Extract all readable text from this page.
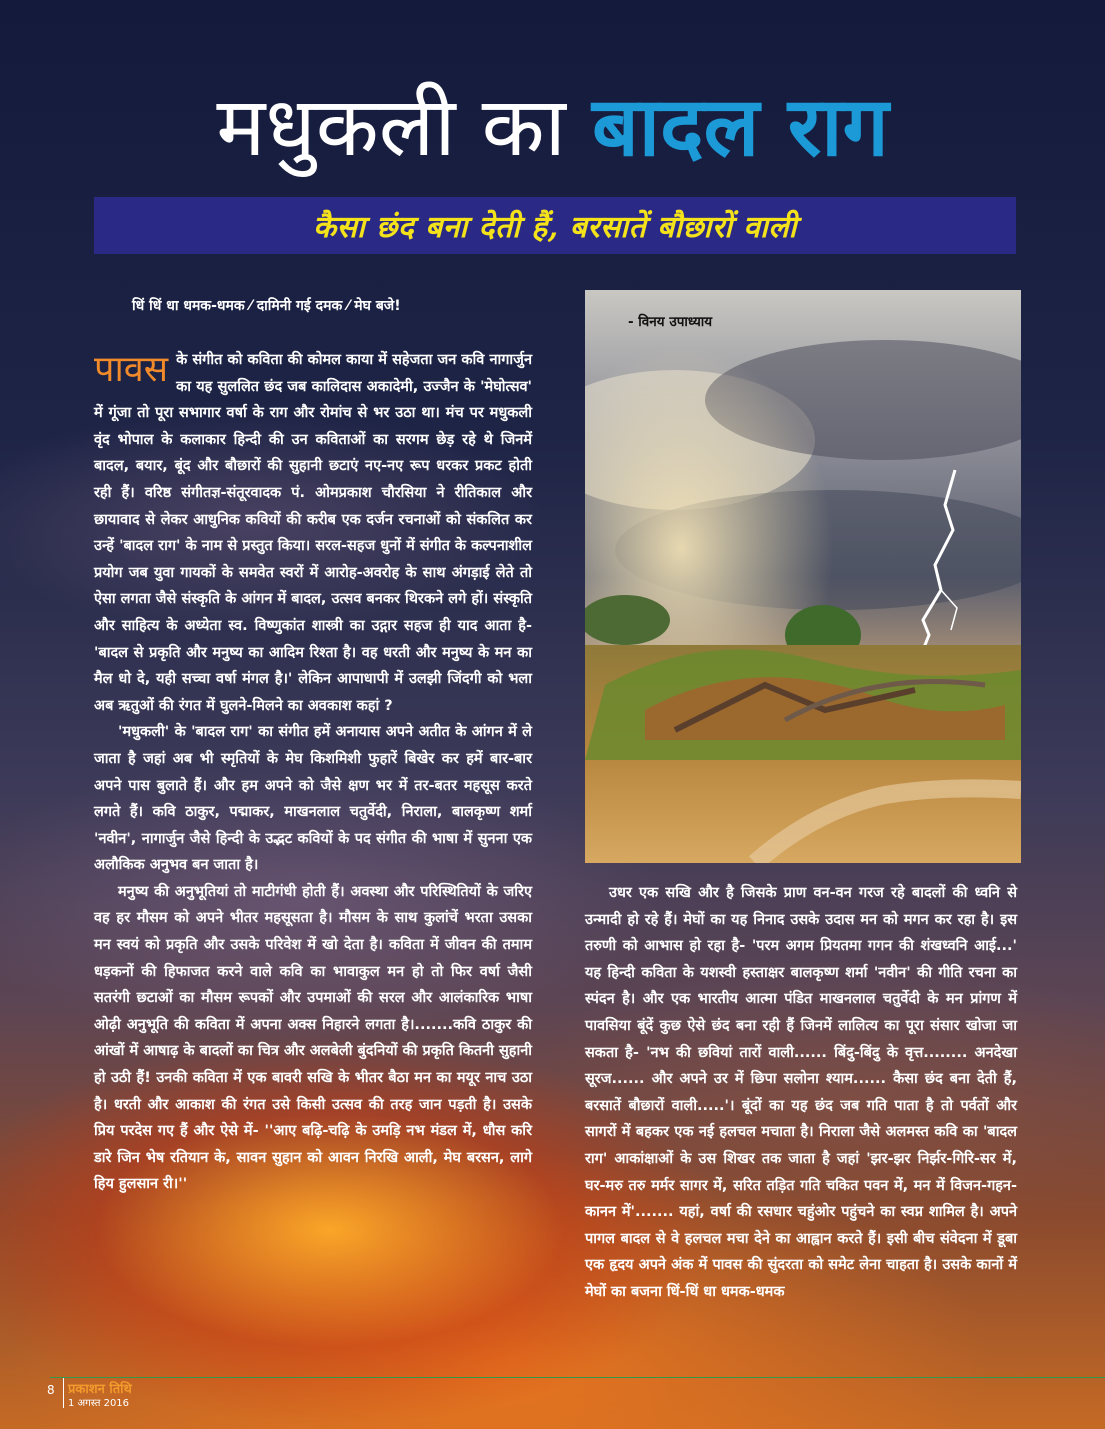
मधुकली का बादल राग
कैसा छंद बना देती हैं, बरसातें बौछारों वाली
धिं धिं धा धमक-धमक ⁄ दामिनी गई दमक ⁄ मेघ बजे!

पावस के संगीत को कविता की कोमल काया में सहेजता जन कवि नागार्जुन का यह सुललित छंद जब कालिदास अकादेमी, उज्जैन के 'मेघोत्सव' में गूंजा तो पूरा सभागार वर्षा के राग और रोमांच से भर उठा था। मंच पर मधुकली वृंद भोपाल के कलाकार हिन्दी की उन कविताओं का सरगम छेड़ रहे थे जिनमें बादल, बयार, बूंद और बौछारों की सुहानी छटाएं नए-नए रूप धरकर प्रकट होती रही हैं। वरिष्ठ संगीतज्ञ-संतूरवादक पं. ओमप्रकाश चौरसिया ने रीतिकाल और छायावाद से लेकर आधुनिक कवियों की करीब एक दर्जन रचनाओं को संकलित कर उन्हें 'बादल राग' के नाम से प्रस्तुत किया। सरल-सहज धुनों में संगीत के कल्पनाशील प्रयोग जब युवा गायकों के समवेत स्वरों में आरोह-अवरोह के साथ अंगड़ाई लेते तो ऐसा लगता जैसे संस्कृति के आंगन में बादल, उत्सव बनकर थिरकने लगे हों। संस्कृति और साहित्य के अध्येता स्व. विष्णुकांत शास्त्री का उद्गार सहज ही याद आता है- 'बादल से प्रकृति और मनुष्य का आदिम रिश्ता है। वह धरती और मनुष्य के मन का मैल धो दे, यही सच्चा वर्षा मंगल है।' लेकिन आपाधापी में उलझी जिंदगी को भला अब ऋतुओं की रंगत में घुलने-मिलने का अवकाश कहां ?

'मधुकली' के 'बादल राग' का संगीत हमें अनायास अपने अतीत के आंगन में ले जाता है जहां अब भी स्मृतियों के मेघ किशमिशी फुहारें बिखेर कर हमें बार-बार अपने पास बुलाते हैं। और हम अपने को जैसे क्षण भर में तर-बतर महसूस करते लगते हैं। कवि ठाकुर, पद्माकर, माखनलाल चतुर्वेदी, निराला, बालकृष्ण शर्मा 'नवीन', नागार्जुन जैसे हिन्दी के उद्भट कवियों के पद संगीत की भाषा में सुनना एक अलौकिक अनुभव बन जाता है।

मनुष्य की अनुभूतियां तो माटीगंधी होती हैं। अवस्था और परिस्थितियों के जरिए वह हर मौसम को अपने भीतर महसूसता है। मौसम के साथ कुलांचें भरता उसका मन स्वयं को प्रकृति और उसके परिवेश में खो देता है। कविता में जीवन की तमाम धड़कनों की हिफाजत करने वाले कवि का भावाकुल मन हो तो फिर वर्षा जैसी सतरंगी छटाओं का मौसम रूपकों और उपमाओं की सरल और आलंकारिक भाषा ओढ़ी अनुभूति की कविता में अपना अक्स निहारने लगता है।.......कवि ठाकुर की आंखों में आषाढ़ के बादलों का चित्र और अलबेली बुंदनियों की प्रकृति कितनी सुहानी हो उठी हैं! उनकी कविता में एक बावरी सखि के भीतर बैठा मन का मयूर नाच उठा है। धरती और आकाश की रंगत उसे किसी उत्सव की तरह जान पड़ती है। उसके प्रिय परदेस गए हैं और ऐसे में- ''आए बढ़ि-चढ़ि के उमड़ि नभ मंडल में, धौस करि डारे जिन भेष रतियान के, सावन सुहान को आवन निरखि आली, मेघ बरसन, लागे हिय हुलसान री।''

- विनय उपाध्याय

उधर एक सखि और है जिसके प्राण वन-वन गरज रहे बादलों की ध्वनि से उन्मादी हो रहे हैं। मेघों का यह निनाद उसके उदास मन को मगन कर रहा है। इस तरुणी को आभास हो रहा है- 'परम अगम प्रियतमा गगन की शंखध्वनि आई...' यह हिन्दी कविता के यशस्वी हस्ताक्षर बालकृष्ण शर्मा 'नवीन' की गीति रचना का स्पंदन है। और एक भारतीय आत्मा पंडित माखनलाल चतुर्वेदी के मन प्रांगण में पावसिया बूंदें कुछ ऐसे छंद बना रही हैं जिनमें लालित्य का पूरा संसार खोजा जा सकता है- 'नभ की छवियां तारों वाली...... बिंदु-बिंदु के वृत्त........ अनदेखा सूरज...... और अपने उर में छिपा सलोना श्याम...... कैसा छंद बना देती हैं, बरसातें बौछारों वाली.....'। बूंदों का यह छंद जब गति पाता है तो पर्वतों और सागरों में बहकर एक नई हलचल मचाता है। निराला जैसे अलमस्त कवि का 'बादल राग' आकांक्षाओं के उस शिखर तक जाता है जहां 'झर-झर निर्झर-गिरि-सर में, घर-मरु तरु मर्मर सागर में, सरित तड़ित गति चकित पवन में, मन में विजन-गहन-कानन में'....... यहां, वर्षा की रसधार चहुंओर पहुंचने का स्वप्न शामिल है। अपने पागल बादल से वे हलचल मचा देने का आह्वान करते हैं। इसी बीच संवेदना में डूबा एक हृदय अपने अंक में पावस की सुंदरता को समेट लेना चाहता है। उसके कानों में मेघों का बजना धिं-धिं धा धमक-धमक

8 प्रकाशन तिथि
1 अगस्त 2016
